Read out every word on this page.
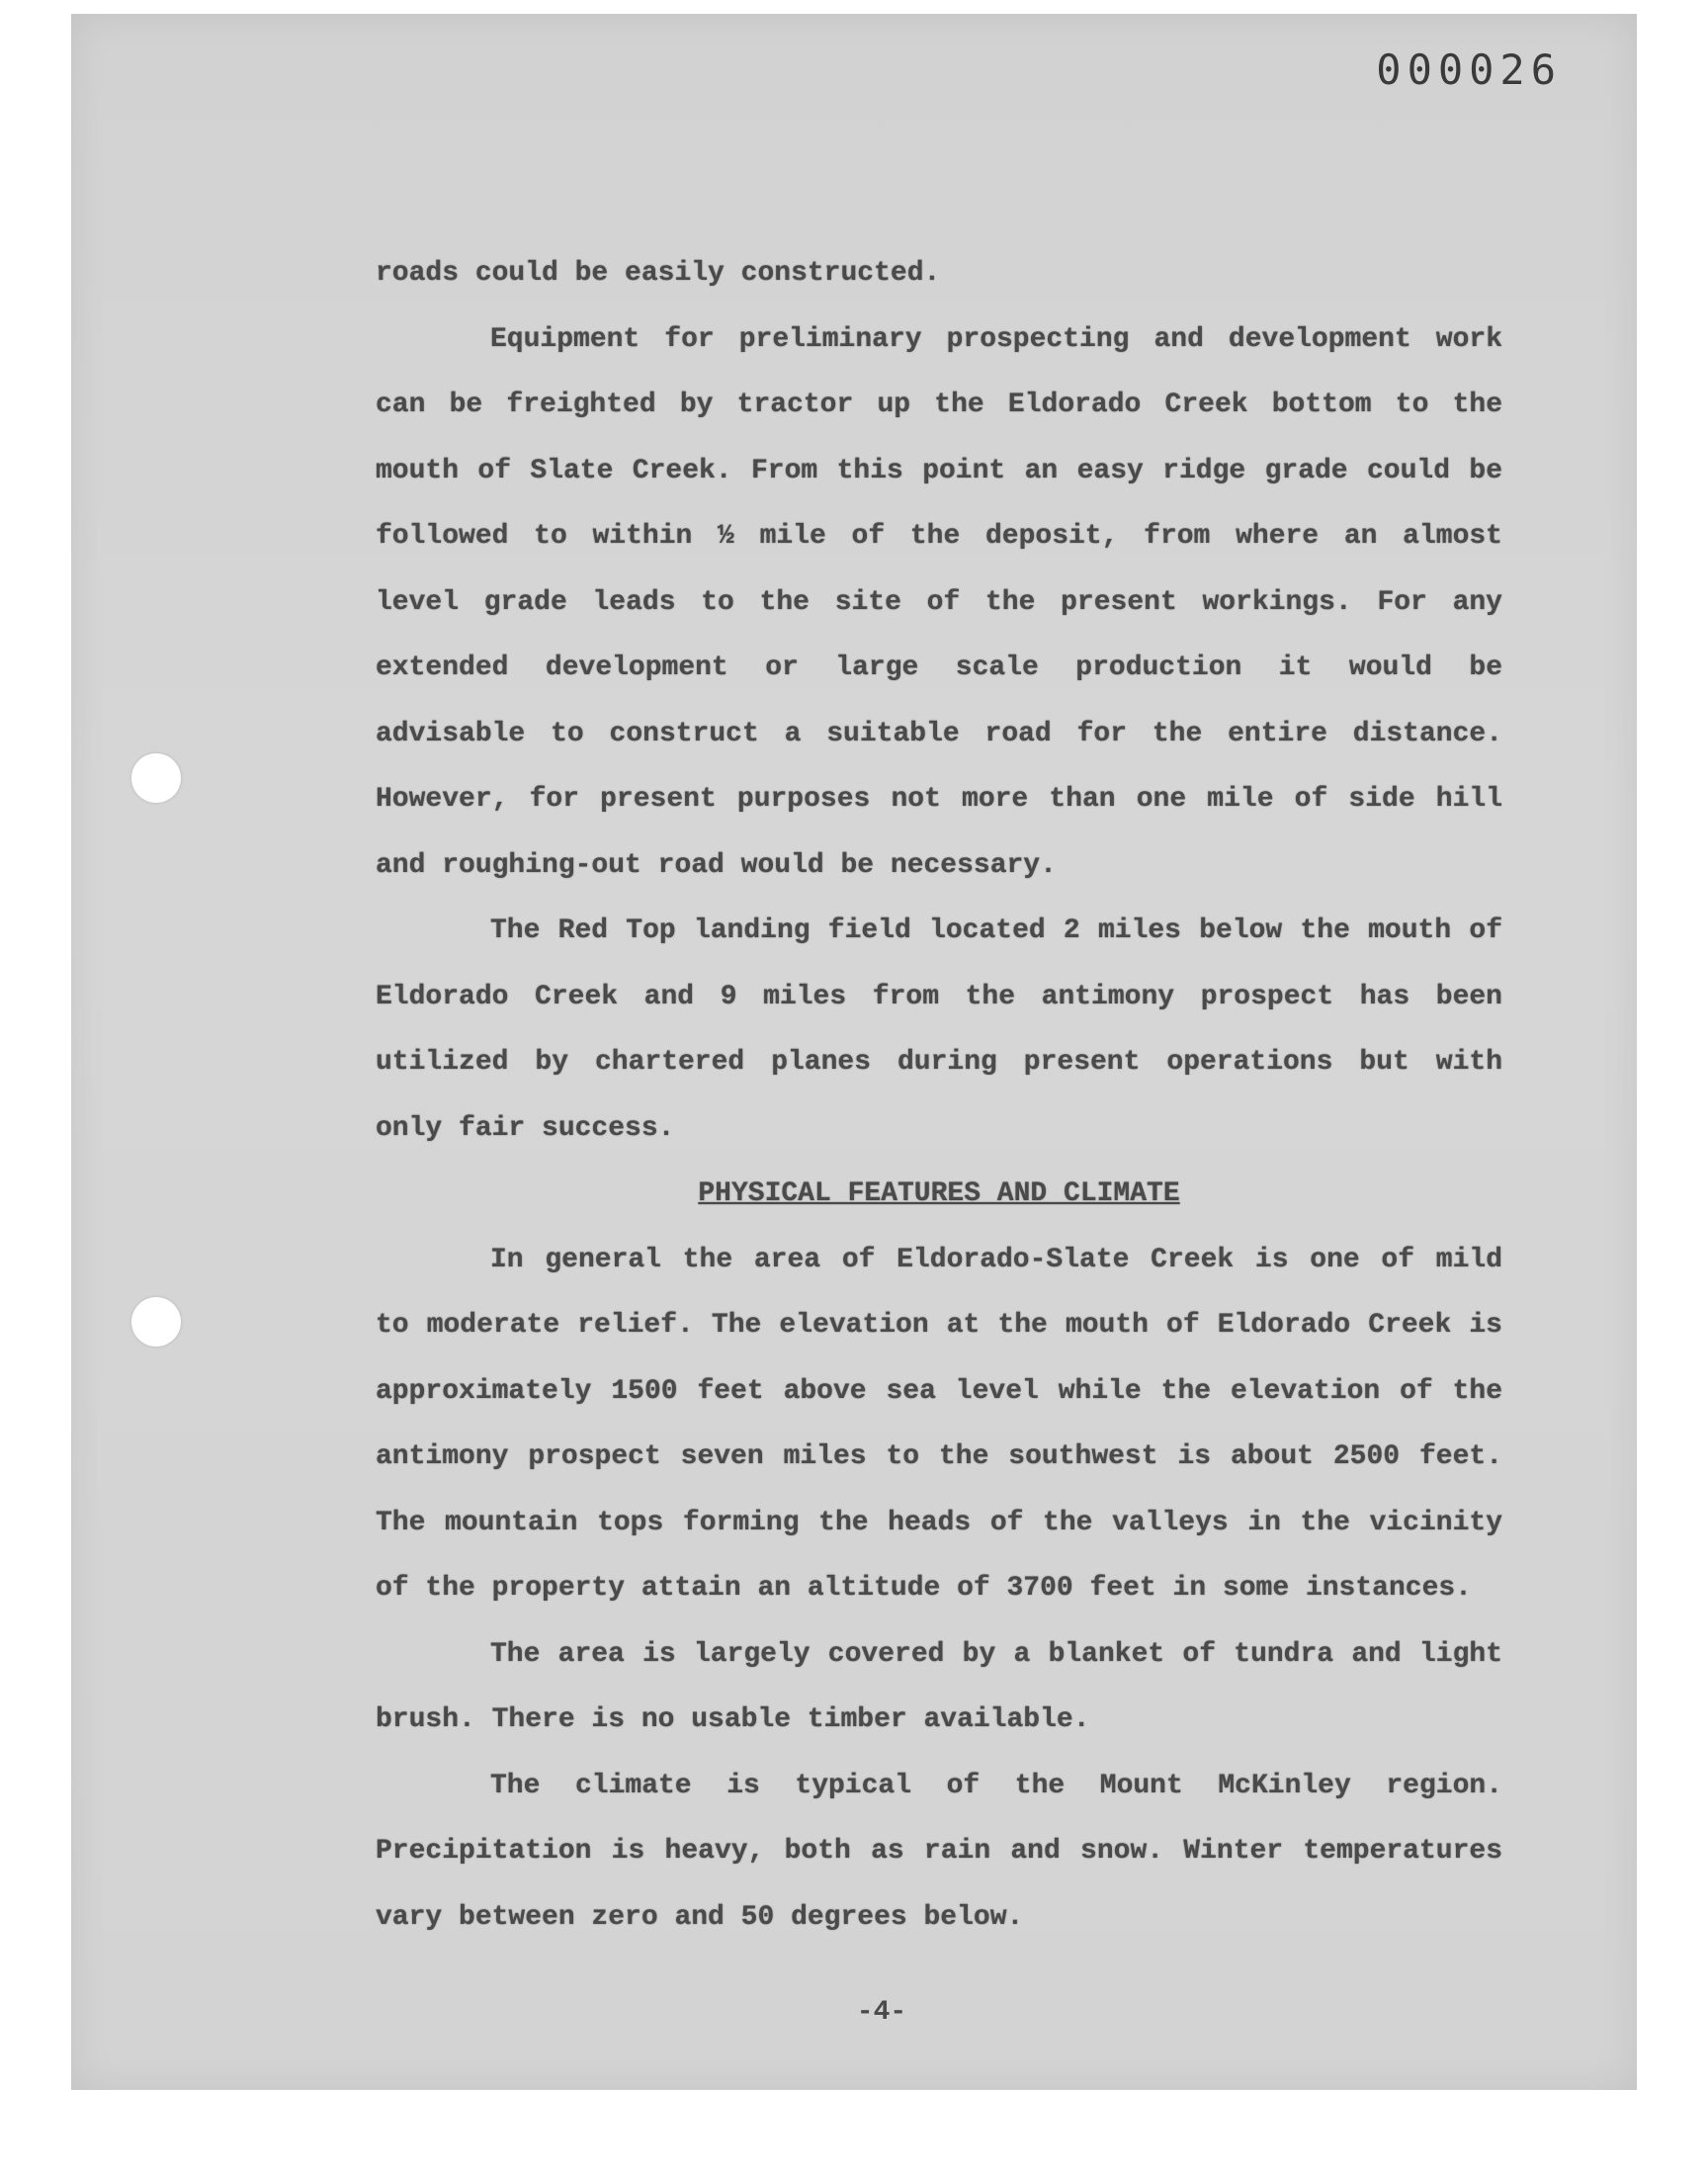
000026

roads could be easily constructed.

Equipment for preliminary prospecting and development work can be freighted by tractor up the Eldorado Creek bottom to the mouth of Slate Creek. From this point an easy ridge grade could be followed to within ½ mile of the deposit, from where an almost level grade leads to the site of the present workings. For any extended development or large scale production it would be advisable to construct a suitable road for the entire distance. However, for present purposes not more than one mile of side hill and roughing-out road would be necessary.

The Red Top landing field located 2 miles below the mouth of Eldorado Creek and 9 miles from the antimony prospect has been utilized by chartered planes during present operations but with only fair success.

PHYSICAL FEATURES AND CLIMATE

In general the area of Eldorado-Slate Creek is one of mild to moderate relief. The elevation at the mouth of Eldorado Creek is approximately 1500 feet above sea level while the elevation of the antimony prospect seven miles to the southwest is about 2500 feet. The mountain tops forming the heads of the valleys in the vicinity of the property attain an altitude of 3700 feet in some instances.

The area is largely covered by a blanket of tundra and light brush. There is no usable timber available.

The climate is typical of the Mount McKinley region. Precipitation is heavy, both as rain and snow. Winter temperatures vary between zero and 50 degrees below.

-4-
